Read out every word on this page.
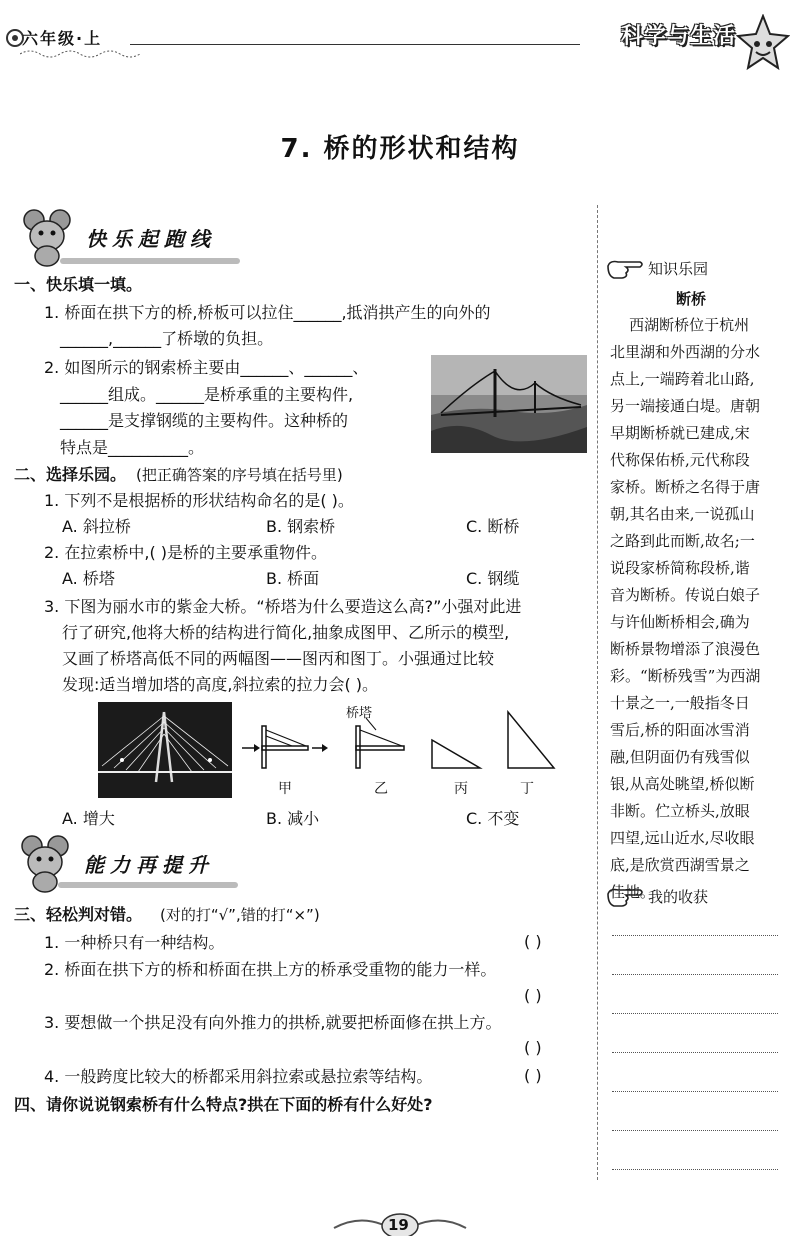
六年级·上	科学与生活
7. 桥的形状和结构
快乐起跑线
一、快乐填一填。
1. 桥面在拱下方的桥,桥板可以拉住______,抵消拱产生的向外的
______,______了桥墩的负担。
2. 如图所示的钢索桥主要由______、______、
______组成。______是桥承重的主要构件,
______是支撑钢缆的主要构件。这种桥的
特点是__________。
二、选择乐园。 (把正确答案的序号填在括号里)
1. 下列不是根据桥的形状结构命名的是( )。
A. 斜拉桥	B. 钢索桥	C. 断桥
2. 在拉索桥中,( )是桥的主要承重物件。
A. 桥塔	B. 桥面	C. 钢缆
3. 下图为丽水市的紫金大桥。“桥塔为什么要造这么高?”小强对此进
行了研究,他将大桥的结构进行简化,抽象成图甲、乙所示的模型,
又画了桥塔高低不同的两幅图——图丙和图丁。小强通过比较
发现:适当增加塔的高度,斜拉索的拉力会( )。
桥塔
甲	乙	丙	丁
A. 增大	B. 减小	C. 不变
能力再提升
三、轻松判对错。 (对的打“√”,错的打“×”)
1. 一种桥只有一种结构。	( )
2. 桥面在拱下方的桥和桥面在拱上方的桥承受重物的能力一样。
( )
3. 要想做一个拱足没有向外推力的拱桥,就要把桥面修在拱上方。
( )
4. 一般跨度比较大的桥都采用斜拉索或悬拉索等结构。	( )
四、请你说说钢索桥有什么特点?拱在下面的桥有什么好处?
知识乐园
断桥
西湖断桥位于杭州
北里湖和外西湖的分水
点上,一端跨着北山路,
另一端接通白堤。唐朝
早期断桥就已建成,宋
代称保佑桥,元代称段
家桥。断桥之名得于唐
朝,其名由来,一说孤山
之路到此而断,故名;一
说段家桥简称段桥,谐
音为断桥。传说白娘子
与许仙断桥相会,确为
断桥景物增添了浪漫色
彩。“断桥残雪”为西湖
十景之一,一般指冬日
雪后,桥的阳面冰雪消
融,但阴面仍有残雪似
银,从高处眺望,桥似断
非断。伫立桥头,放眼
四望,远山近水,尽收眼
底,是欣赏西湖雪景之
佳地。
我的收获
19
